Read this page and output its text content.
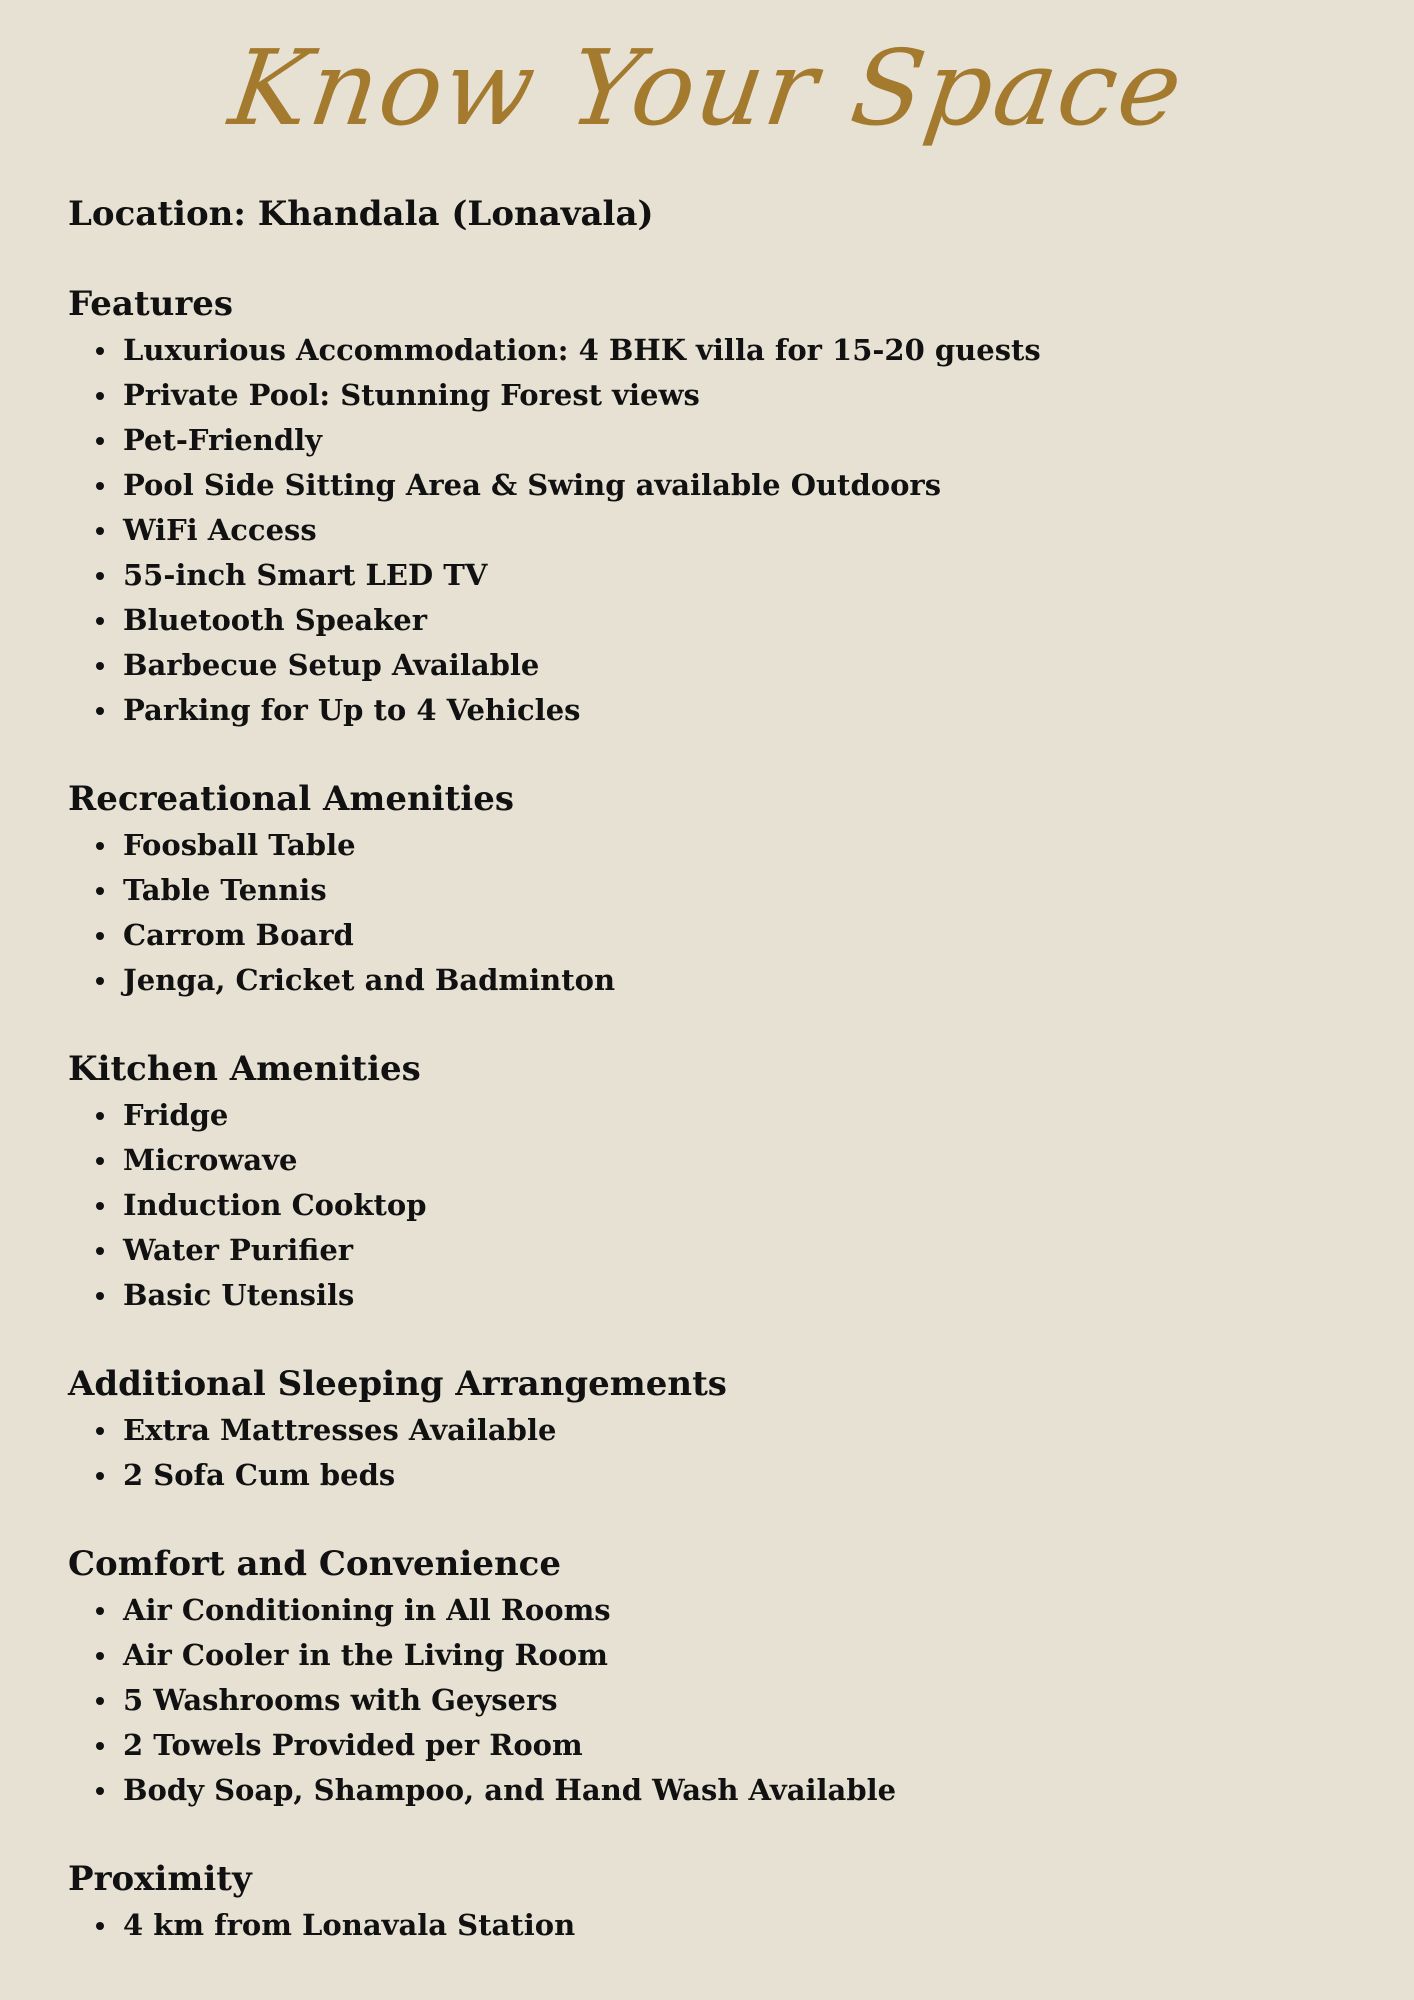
Know Your Space

Location: Khandala (Lonavala)

Features
Luxurious Accommodation: 4 BHK villa for 15-20 guests
Private Pool: Stunning Forest views
Pet-Friendly
Pool Side Sitting Area & Swing available Outdoors
WiFi Access
55-inch Smart LED TV
Bluetooth Speaker
Barbecue Setup Available
Parking for Up to 4 Vehicles
Recreational Amenities
Foosball Table
Table Tennis
Carrom Board
Jenga, Cricket and Badminton
Kitchen Amenities
Fridge
Microwave
Induction Cooktop
Water Purifier
Basic Utensils
Additional Sleeping Arrangements
Extra Mattresses Available
2 Sofa Cum beds
Comfort and Convenience
Air Conditioning in All Rooms
Air Cooler in the Living Room
5 Washrooms with Geysers
2 Towels Provided per Room
Body Soap, Shampoo, and Hand Wash Available
Proximity
4 km from Lonavala Station
